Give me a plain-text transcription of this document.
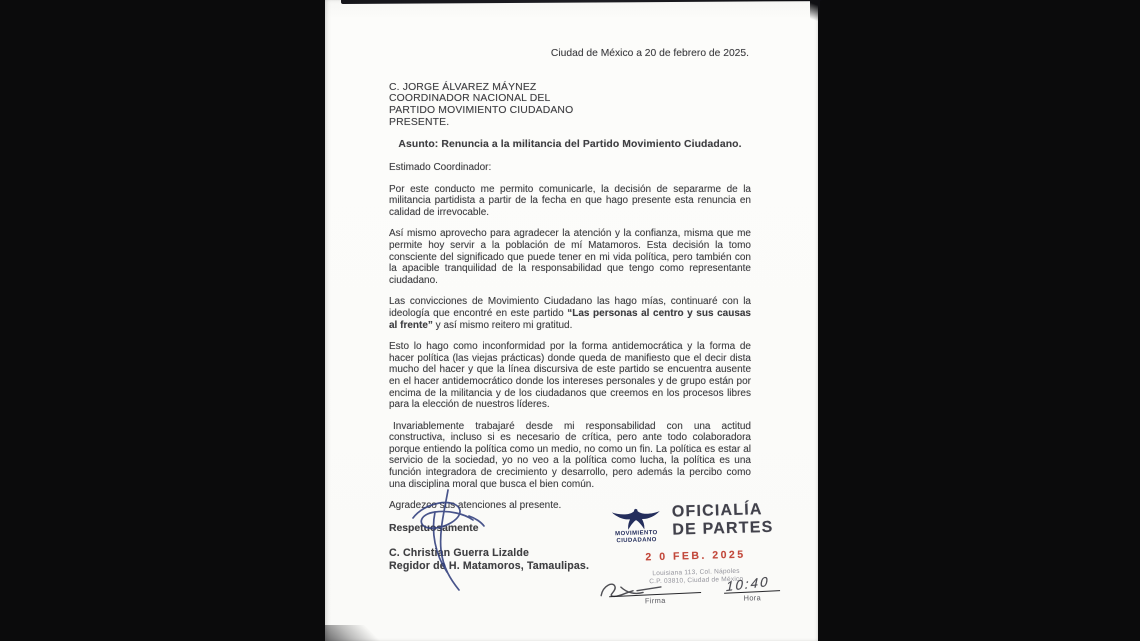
Ciudad de México a 20 de febrero de 2025.
C. JORGE ÁLVAREZ MÁYNEZ
COORDINADOR NACIONAL DEL
PARTIDO MOVIMIENTO CIUDADANO
PRESENTE.
Asunto: Renuncia a la militancia del Partido Movimiento Ciudadano.
Estimado Coordinador:
Por este conducto me permito comunicarle, la decisión de separarme de la militancia partidista a partir de la fecha en que hago presente esta renuncia en calidad de irrevocable.
Así mismo aprovecho para agradecer la atención y la confianza, misma que me permite hoy servir a la población de mí Matamoros. Esta decisión la tomo consciente del significado que puede tener en mi vida política, pero también con la apacible tranquilidad de la responsabilidad que tengo como representante ciudadano.
Las convicciones de Movimiento Ciudadano las hago mías, continuaré con la ideología que encontré en este partido “Las personas al centro y sus causas al frente” y así mismo reitero mi gratitud.
Esto lo hago como inconformidad por la forma antidemocrática y la forma de hacer política (las viejas prácticas) donde queda de manifiesto que el decir dista mucho del hacer y que la línea discursiva de este partido se encuentra ausente en el hacer antidemocrático donde los intereses personales y de grupo están por encima de la militancia y de los ciudadanos que creemos en los procesos libres para la elección de nuestros líderes.
Invariablemente trabajaré desde mi responsabilidad con una actitud constructiva, incluso si es necesario de crítica, pero ante todo colaboradora porque entiendo la política como un medio, no como un fin. La política es estar al servicio de la sociedad, yo no veo a la política como lucha, la política es una función integradora de crecimiento y desarrollo, pero además la percibo como una disciplina moral que busca el bien común.
Agradezco sus atenciones al presente.
Respetuosamente
C. Christian Guerra Lizalde
Regidor de H. Matamoros, Tamaulipas.
MOVIMIENTO
CIUDADANO
OFICIALÍA
DE PARTES
2 0 FEB. 2025
Louisiana 113, Col. Nápoles
C.P. 03810, Ciudad de México
Firma
10:40
Hora
